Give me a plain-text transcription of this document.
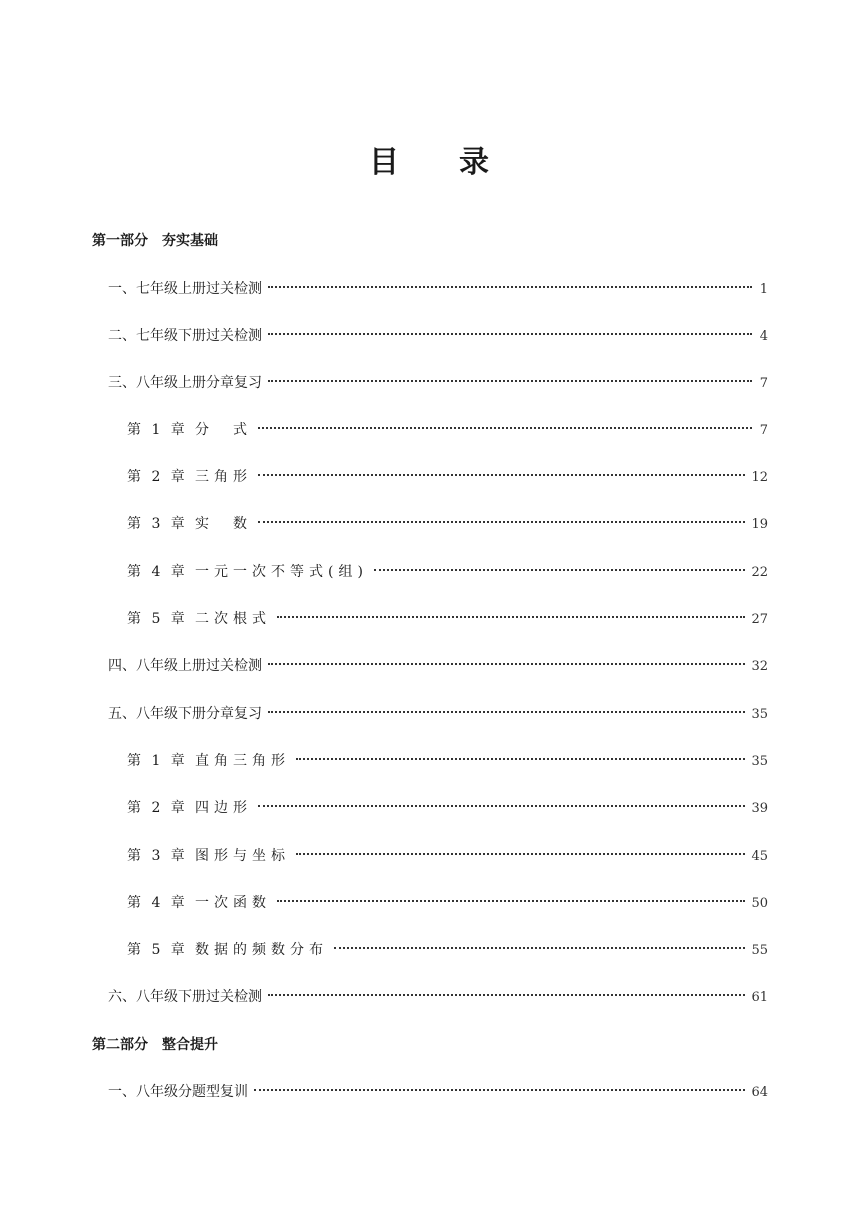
目 录
第一部分 夯实基础
一、七年级上册过关检测	1
二、七年级下册过关检测	4
三、八年级上册分章复习	7
第 1 章 分　式	7
第 2 章 三角形	12
第 3 章 实　数	19
第 4 章 一元一次不等式(组)	22
第 5 章 二次根式	27
四、八年级上册过关检测	32
五、八年级下册分章复习	35
第 1 章 直角三角形	35
第 2 章 四边形	39
第 3 章 图形与坐标	45
第 4 章 一次函数	50
第 5 章 数据的频数分布	55
六、八年级下册过关检测	61
第二部分 整合提升
一、八年级分题型复训	64
